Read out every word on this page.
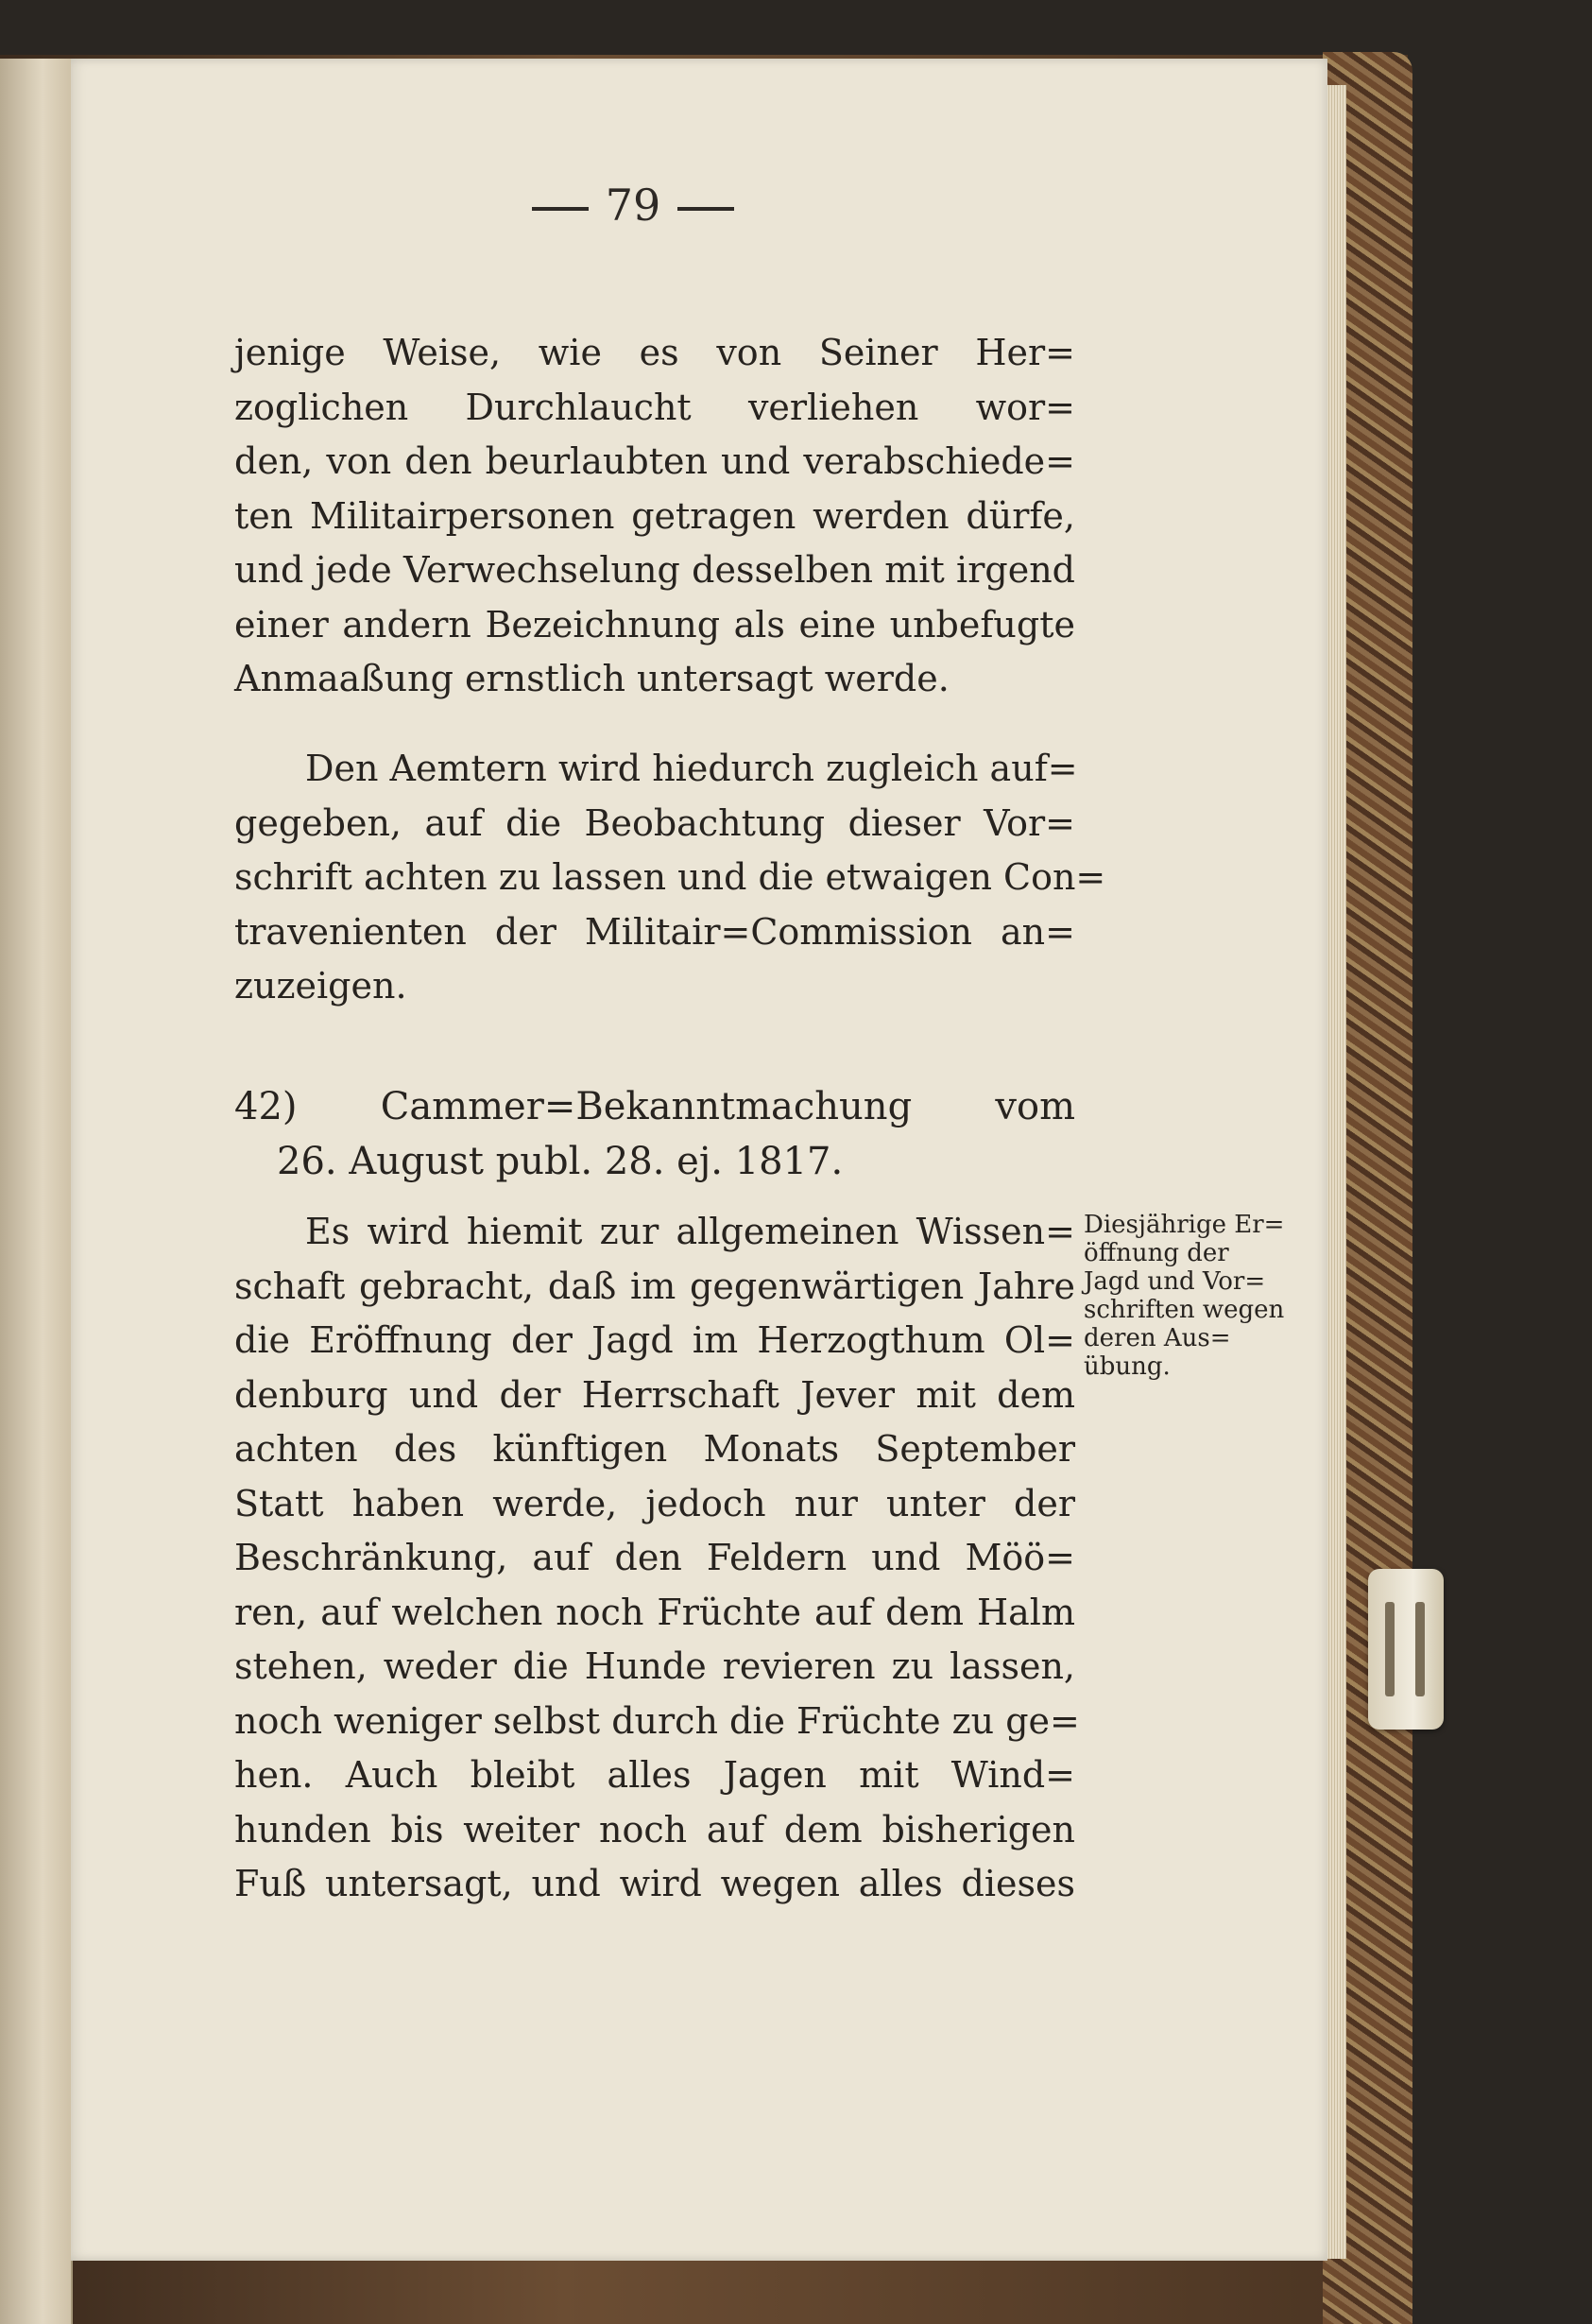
79
jenige Weise, wie es von Seiner Her=
zoglichen Durchlaucht verliehen wor=
den, von den beurlaubten und verabschiede=
ten Militairpersonen getragen werden dürfe,
und jede Verwechselung desselben mit irgend
einer andern Bezeichnung als eine unbefugte
Anmaaßung ernstlich untersagt werde.
Den Aemtern wird hiedurch zugleich auf=
gegeben, auf die Beobachtung dieser Vor=
schrift achten zu lassen und die etwaigen Con=
travenienten der Militair=Commission an=
zuzeigen.
42) Cammer=Bekanntmachung vom
26. August publ. 28. ej. 1817.
Es wird hiemit zur allgemeinen Wissen=
schaft gebracht, daß im gegenwärtigen Jahre
die Eröffnung der Jagd im Herzogthum Ol=
denburg und der Herrschaft Jever mit dem
achten des künftigen Monats September
Statt haben werde, jedoch nur unter der
Beschränkung, auf den Feldern und Möö=
ren, auf welchen noch Früchte auf dem Halm
stehen, weder die Hunde revieren zu lassen,
noch weniger selbst durch die Früchte zu ge=
hen. Auch bleibt alles Jagen mit Wind=
hunden bis weiter noch auf dem bisherigen
Fuß untersagt, und wird wegen alles dieses
Diesjährige Er=
öffnung der
Jagd und Vor=
schriften wegen
deren Aus=
übung.
